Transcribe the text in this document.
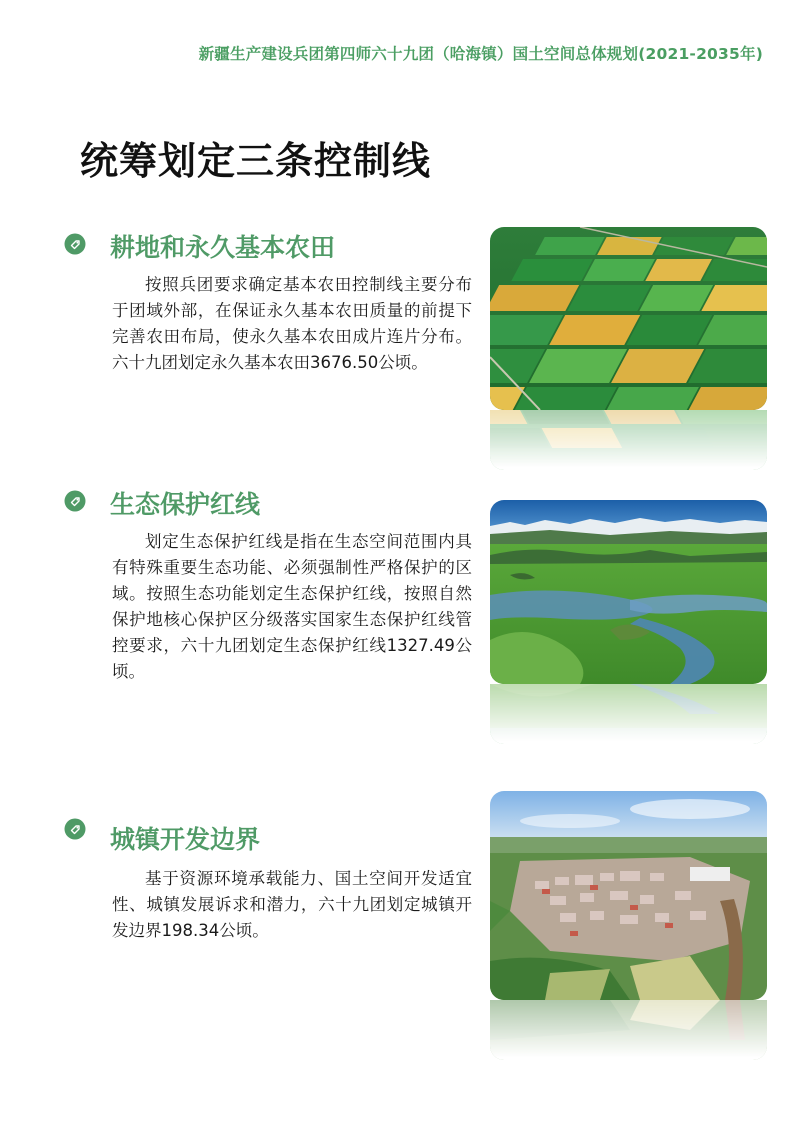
新疆生产建设兵团第四师六十九团（哈海镇）国土空间总体规划(2021-2035年)
统筹划定三条控制线
耕地和永久基本农田
按照兵团要求确定基本农田控制线主要分布于团域外部，在保证永久基本农田质量的前提下完善农田布局，使永久基本农田成片连片分布。六十九团划定永久基本农田3676.50公顷。
生态保护红线
划定生态保护红线是指在生态空间范围内具有特殊重要生态功能、必须强制性严格保护的区域。按照生态功能划定生态保护红线，按照自然保护地核心保护区分级落实国家生态保护红线管控要求，六十九团划定生态保护红线1327.49公顷。
城镇开发边界
基于资源环境承载能力、国土空间开发适宜性、城镇发展诉求和潜力，六十九团划定城镇开发边界198.34公顷。
